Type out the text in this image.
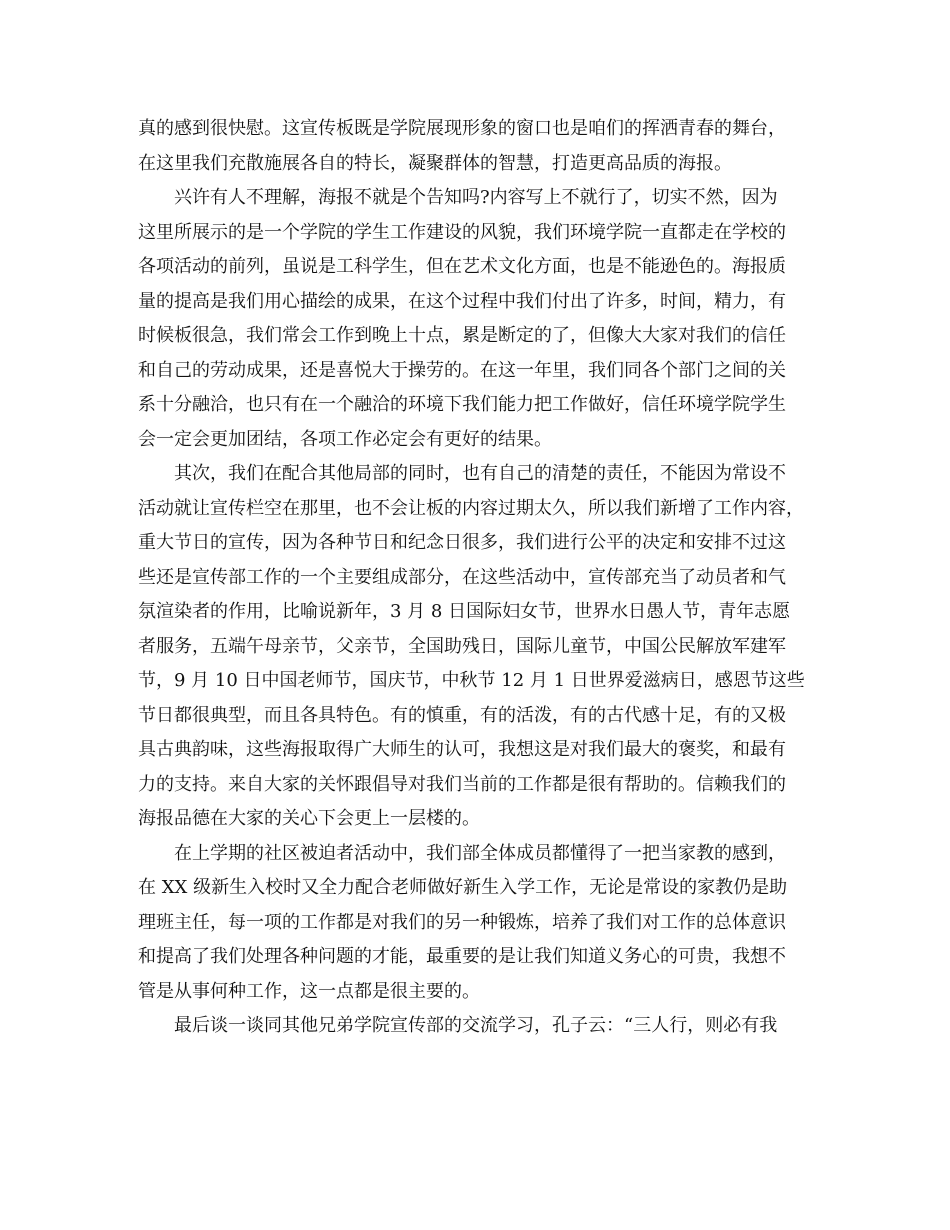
真的感到很快慰。这宣传板既是学院展现形象的窗口也是咱们的挥洒青春的舞台，
在这里我们充散施展各自的特长，凝聚群体的智慧，打造更高品质的海报。
兴许有人不理解，海报不就是个告知吗?内容写上不就行了，切实不然，因为
这里所展示的是一个学院的学生工作建设的风貌，我们环境学院一直都走在学校的
各项活动的前列，虽说是工科学生，但在艺术文化方面，也是不能逊色的。海报质
量的提高是我们用心描绘的成果，在这个过程中我们付出了许多，时间，精力，有
时候板很急，我们常会工作到晚上十点，累是断定的了，但像大大家对我们的信任
和自己的劳动成果，还是喜悦大于操劳的。在这一年里，我们同各个部门之间的关
系十分融洽，也只有在一个融洽的环境下我们能力把工作做好，信任环境学院学生
会一定会更加团结，各项工作必定会有更好的结果。
其次，我们在配合其他局部的同时，也有自己的清楚的责任，不能因为常设不
活动就让宣传栏空在那里，也不会让板的内容过期太久，所以我们新增了工作内容，
重大节日的宣传，因为各种节日和纪念日很多，我们进行公平的决定和安排不过这
些还是宣传部工作的一个主要组成部分，在这些活动中，宣传部充当了动员者和气
氛渲染者的作用，比喻说新年，3 月 8 日国际妇女节，世界水日愚人节，青年志愿
者服务，五端午母亲节，父亲节，全国助残日，国际儿童节，中国公民解放军建军
节，9 月 10 日中国老师节，国庆节，中秋节 12 月 1 日世界爱滋病日，感恩节这些
节日都很典型，而且各具特色。有的慎重，有的活泼，有的古代感十足，有的又极
具古典韵味，这些海报取得广大师生的认可，我想这是对我们最大的褒奖，和最有
力的支持。来自大家的关怀跟倡导对我们当前的工作都是很有帮助的。信赖我们的
海报品德在大家的关心下会更上一层楼的。
在上学期的社区被迫者活动中，我们部全体成员都懂得了一把当家教的感到，
在 XX 级新生入校时又全力配合老师做好新生入学工作，无论是常设的家教仍是助
理班主任，每一项的工作都是对我们的另一种锻炼，培养了我们对工作的总体意识
和提高了我们处理各种问题的才能，最重要的是让我们知道义务心的可贵，我想不
管是从事何种工作，这一点都是很主要的。
最后谈一谈同其他兄弟学院宣传部的交流学习，孔子云：“三人行，则必有我
